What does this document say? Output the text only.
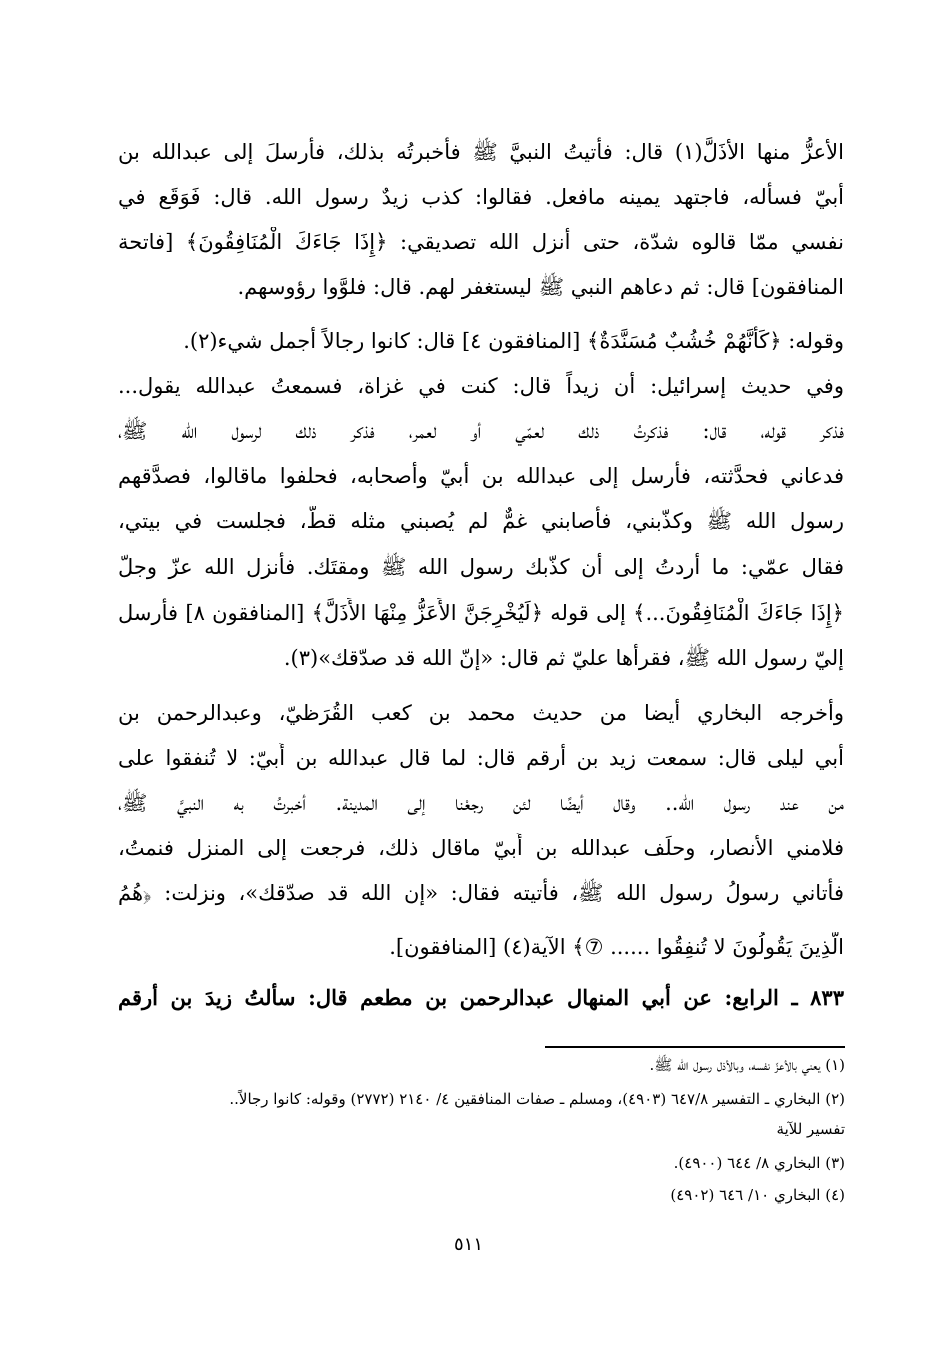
الأعزُّ منها الأذَلَّ(١) قال: فأتيتُ النبيَّ ﷺ فأخبرتُه بذلك، فأرسلَ إلى عبدالله بن
أبيّ فسأله، فاجتهد يمينه مافعل. فقالوا: كذب زيدٌ رسول الله. قال: فَوَقَع في
نفسي ممّا قالوه شدّة، حتى أنزل الله تصديقي: ﴿إِذَا جَاءَكَ الْمُنَافِقُونَ﴾ [فاتحة
المنافقون] قال: ثم دعاهم النبي ﷺ ليستغفر لهم. قال: فلوَّوا رؤوسهم.
وقوله: ﴿كَأَنَّهُمْ خُشُبٌ مُسَنَّدَةٌ﴾ [المنافقون ٤] قال: كانوا رجالاً أجمل شيء(٢).
وفي حديث إسرائيل: أن زيداً قال: كنت في غزاة، فسمعتُ عبدالله يقول...
فذكر قوله، قال: فذكرتُ ذلك لعمّي أو لعمر، فذكر ذلك لرسول الله ﷺ،
فدعاني فحدَّثته، فأرسل إلى عبدالله بن أبيّ وأصحابه، فحلفوا ماقالوا، فصدَّقهم
رسول الله ﷺ وكذّبني، فأصابني غمٌّ لم يُصبني مثله قطُّ، فجلست في بيتي،
فقال عمّي: ما أردتُ إلى أن كذّبك رسول الله ﷺ ومقتَك. فأنزل الله عزّ وجلّ
﴿إِذَا جَاءَكَ الْمُنَافِقُونَ...﴾ إلى قوله ﴿لَيُخْرِجَنَّ الأَعَزُّ مِنْهَا الأَذَلَّ﴾ [المنافقون ٨] فأرسل
إليّ رسول الله ﷺ، فقرأها عليّ ثم قال: «إنّ الله قد صدّقك»(٣).
وأخرجه البخاري أيضا من حديث محمد بن كعب القُرَظيّ، وعبدالرحمن بن
أبي ليلى قال: سمعت زيد بن أرقم قال: لما قال عبدالله بن أُبيّ: لا تُنفقوا على
من عند رسول الله.. وقال أيضًا لئن رجعْنا إلى المدينة. أخبرتُ به النبيَّ ﷺ،
فلامني الأنصار، وحلَف عبدالله بن أُبيّ ماقال ذلك، فرجعت إلى المنزل فنمتُ،
فأتاني رسولُ رسول الله ﷺ، فأتيته فقال: «إن الله قد صدّقك»، ونزلت: ﴿هُمُ
الَّذِينَ يَقُولُونَ لا تُنفِقُوا ...... ⑦﴾ الآية(٤) [المنافقون].
٨٣٣ ـ الرابع: عن أبي المنهال عبدالرحمن بن مطعم قال: سألتُ زيدَ بن أرقم
(١) يعني بالأعزّ نفسه، وبالأذل رسول الله ﷺ.
(٢) البخاري ـ التفسير ٦٤٧/٨ (٤٩٠٣)، ومسلم ـ صفات المنافقين ٤/ ٢١٤٠ (٢٧٧٢) وقوله: كانوا رجالاً..
تفسير للآية
(٣) البخاري ٨/ ٦٤٤ (٤٩٠٠).
(٤) البخاري ١٠/ ٦٤٦ (٤٩٠٢)
٥١١
